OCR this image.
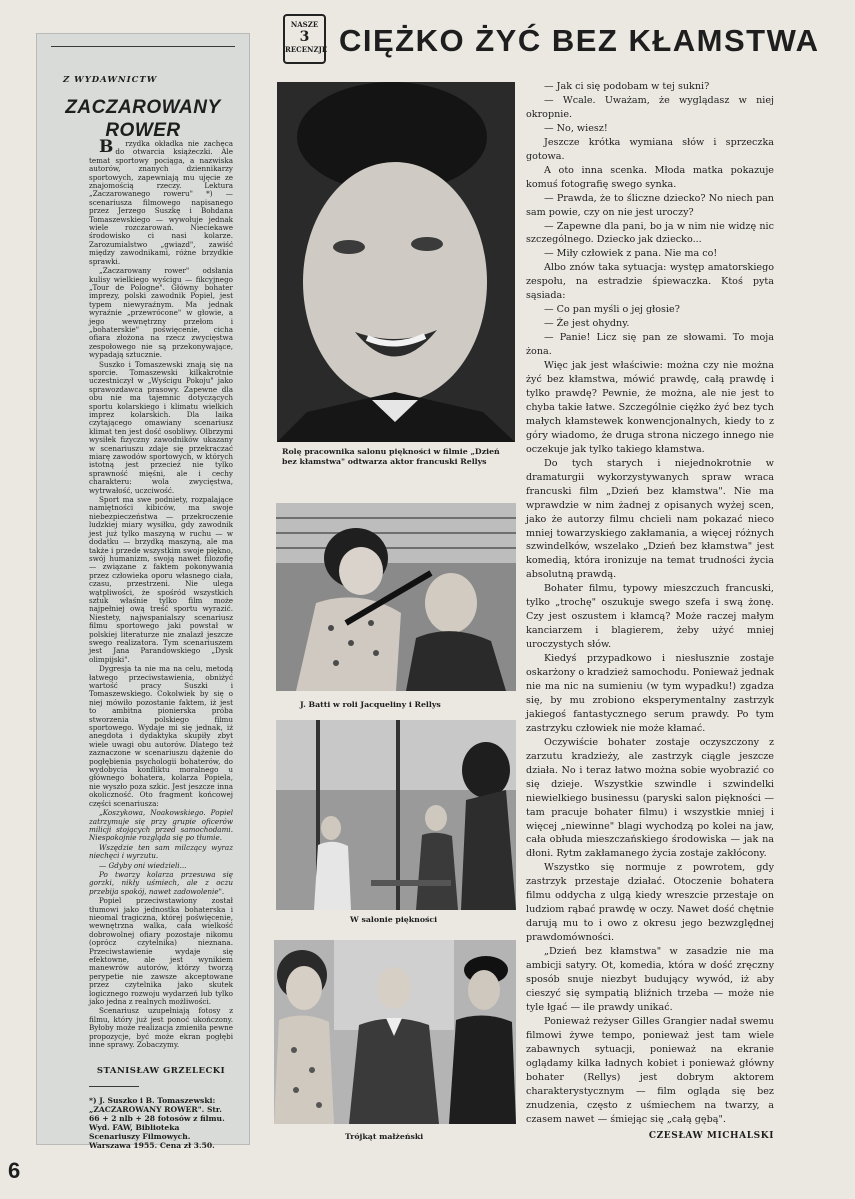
Z WYDAWNICTW
ZACZAROWANY ROWER

Brzydka okładka nie zachęca do otwarcia książeczki. Ale temat sportowy pociąga, a nazwiska autorów, znanych dziennikarzy sportowych, zapewniają mu ujęcie ze znajomością rzeczy. Lektura „Zaczarowanego roweru" *) — scenariusza filmowego napisanego przez Jerzego Suszkę i Bohdana Tomaszewskiego — wywołuje jednak wiele rozczarowań. Nieciekawe środowisko ci nasi kolarze. Zarozumialstwo „gwiazd", zawiść między zawodnikami, różne brzydkie sprawki.

„Zaczarowany rower" odsłania kulisy wielkiego wyścigu — fikcyjnego „Tour de Pologne". Główny bohater imprezy, polski zawodnik Popiel, jest typem niewyraźnym. Ma jednak wyraźnie „przewrócone" w głowie, a jego wewnętrzny przełom i „bohaterskie" poświęcenie, cicha ofiara złożona na rzecz zwycięstwa zespołowego nie są przekonywające, wypadają sztucznie.

Suszko i Tomaszewski znają się na sporcie. Tomaszewski kilkakrotnie uczestniczył w „Wyścigu Pokoju" jako sprawozdawca prasowy. Zapewne dla obu nie ma tajemnic dotyczących sportu kolarskiego i klimatu wielkich imprez kolarskich. Dla laika czytającego omawiany scenariusz klimat ten jest dość osobliwy. Olbrzymi wysiłek fizyczny zawodników ukazany w scenariuszu zdaje się przekraczać miarę zawodów sportowych, w których istotną jest przecież nie tylko sprawność mięśni, ale i cechy charakteru: wola zwycięstwa, wytrwałość, uczciwość.

Sport ma swe podniety, rozpalające namiętności kibiców, ma swoje niebezpieczeństwa — przekroczenie ludzkiej miary wysiłku, gdy zawodnik jest już tylko maszyną w ruchu — w dodatku — brzydką maszyną, ale ma także i przede wszystkim swoje piękno, swój humanizm, swoją nawet filozofię — związane z faktem pokonywania przez człowieka oporu własnego ciała, czasu, przestrzeni. Nie ulega wątpliwości, że spośród wszystkich sztuk właśnie tylko film może najpełniej ową treść sportu wyrazić. Niestety, najwspanialszy scenariusz filmu sportowego jaki powstał w polskiej literaturze nie znalazł jeszcze swego realizatora. Tym scenariuszem jest Jana Parandowskiego „Dysk olimpijski".

Dygresja ta nie ma na celu, metodą łatwego przeciwstawienia, obniżyć wartość pracy Suszki i Tomaszewskiego. Cokolwiek by się o niej mówiło pozostanie faktem, iż jest to ambitna pionierska próba stworzenia polskiego filmu sportowego. Wydaje mi się jednak, iż anegdota i dydaktyka skupiły zbyt wiele uwagi obu autorów. Dlatego też zaznaczone w scenariuszu dążenie do pogłębienia psychologii bohaterów, do wydobycia konfliktu moralnego u głównego bohatera, kolarza Popiela, nie wyszło poza szkic. Jest jeszcze inna okoliczność. Oto fragment końcowej części scenariusza:

„Koszykowa, Noakowskiego. Popiel zatrzymuje się przy grupie oficerów milicji stojących przed samochodami. Niespokojnie rozgląda się po tłumie.

Wszędzie ten sam milczący wyraz niechęci i wyrzutu.

— Gdyby oni wiedzieli...

Po twarzy kolarza przesuwa się gorzki, nikły uśmiech, ale z oczu przebija spokój, nawet zadowolenie".

Popiel przeciwstawiony został tłumowi jako jednostka bohaterska i nieomal tragiczna, której poświęcenie, wewnętrzna walka, cała wielkość dobrowolnej ofiary pozostaje nikomu (oprócz czytelnika) nieznana. Przeciwstawienie wydaje się efektowne, ale jest wynikiem manewrów autorów, którzy tworzą perypetie nie zawsze akceptowane przez czytelnika jako skutek logicznego rozwoju wydarzeń lub tylko jako jedna z realnych możliwości.

Scenariusz uzupełniają fotosy z filmu, który już jest ponoć ukończony. Byłoby może realizacja zmieniła pewne propozycje, być może ekran pogłębi inne sprawy. Zobaczymy.

STANISŁAW GRZELECKI
*) J. Suszko i B. Tomaszewski: „ZACZAROWANY ROWER". Str. 66 + 2 nlb + 28 fotosów z filmu. Wyd. FAW, Biblioteka Scenariuszy Filmowych. Warszawa 1955. Cena zł 3.50.
NASZE
3
RECENZJE CIĘŻKO ŻYĆ BEZ KŁAMSTWA
Rolę pracownika salonu piękności w filmie „Dzień bez kłamstwa" odtwarza aktor francuski Rellys
J. Batti w roli Jacqueliny i Rellys
W salonie piękności
Trójkąt małżeński

— Jak ci się podobam w tej sukni?

— Wcale. Uważam, że wyglądasz w niej okropnie.

— No, wiesz!

Jeszcze krótka wymiana słów i sprzeczka gotowa.

A oto inna scenka. Młoda matka pokazuje komuś fotografię swego synka.

— Prawda, że to śliczne dziecko? No niech pan sam powie, czy on nie jest uroczy?

— Zapewne dla pani, bo ja w nim nie widzę nic szczególnego. Dziecko jak dziecko...

— Miły człowiek z pana. Nie ma co!

Albo znów taka sytuacja: występ amatorskiego zespołu, na estradzie śpiewaczka. Ktoś pyta sąsiada:

— Co pan myśli o jej głosie?

— Że jest ohydny.

— Panie! Licz się pan ze słowami. To moja żona.

Więc jak jest właściwie: można czy nie można żyć bez kłamstwa, mówić prawdę, całą prawdę i tylko prawdę? Pewnie, że można, ale nie jest to chyba takie łatwe. Szczególnie ciężko żyć bez tych małych kłamstewek konwencjonalnych, kiedy to z góry wiadomo, że druga strona niczego innego nie oczekuje jak tylko takiego kłamstwa.

Do tych starych i niejednokrotnie w dramaturgii wykorzystywanych spraw wraca francuski film „Dzień bez kłamstwa". Nie ma wprawdzie w nim żadnej z opisanych wyżej scen, jako że autorzy filmu chcieli nam pokazać nieco mniej towarzyskiego zakłamania, a więcej różnych szwindelków, wszelako „Dzień bez kłamstwa" jest komedią, która ironizuje na temat trudności życia absolutną prawdą.

Bohater filmu, typowy mieszczuch francuski, tylko „trochę" oszukuje swego szefa i swą żonę. Czy jest oszustem i kłamcą? Może raczej małym kanciarzem i blagierem, żeby użyć mniej uroczystych słów.

Kiedyś przypadkowo i niesłusznie zostaje oskarżony o kradzież samochodu. Ponieważ jednak nie ma nic na sumieniu (w tym wypadku!) zgadza się, by mu zrobiono eksperymentalny zastrzyk jakiegoś fantastycznego serum prawdy. Po tym zastrzyku człowiek nie może kłamać.

Oczywiście bohater zostaje oczyszczony z zarzutu kradzieży, ale zastrzyk ciągle jeszcze działa. No i teraz łatwo można sobie wyobrazić co się dzieje. Wszystkie szwindle i szwindelki niewielkiego businessu (paryski salon piękności — tam pracuje bohater filmu) i wszystkie mniej i więcej „niewinne" blagi wychodzą po kolei na jaw, cała obłuda mieszczańskiego środowiska — jak na dłoni. Rytm zakłamanego życia zostaje zakłócony.

Wszystko się normuje z powrotem, gdy zastrzyk przestaje działać. Otoczenie bohatera filmu oddycha z ulgą kiedy wreszcie przestaje on ludziom rąbać prawdę w oczy. Nawet dość chętnie darują mu to i owo z okresu jego bezwzględnej prawdomówności.

„Dzień bez kłamstwa" w zasadzie nie ma ambicji satyry. Ot, komedia, która w dość zręczny sposób snuje niezbyt budujący wywód, iż aby cieszyć się sympatią bliźnich trzeba — może nie tyle łgać — ile prawdy unikać.

Ponieważ reżyser Gilles Grangier nadał swemu filmowi żywe tempo, ponieważ jest tam wiele zabawnych sytuacji, ponieważ na ekranie oglądamy kilka ładnych kobiet i ponieważ główny bohater (Rellys) jest dobrym aktorem charakterystycznym — film ogląda się bez znudzenia, często z uśmiechem na twarzy, a czasem nawet — śmiejąc się „całą gębą".

CZESŁAW MICHALSKI
6
